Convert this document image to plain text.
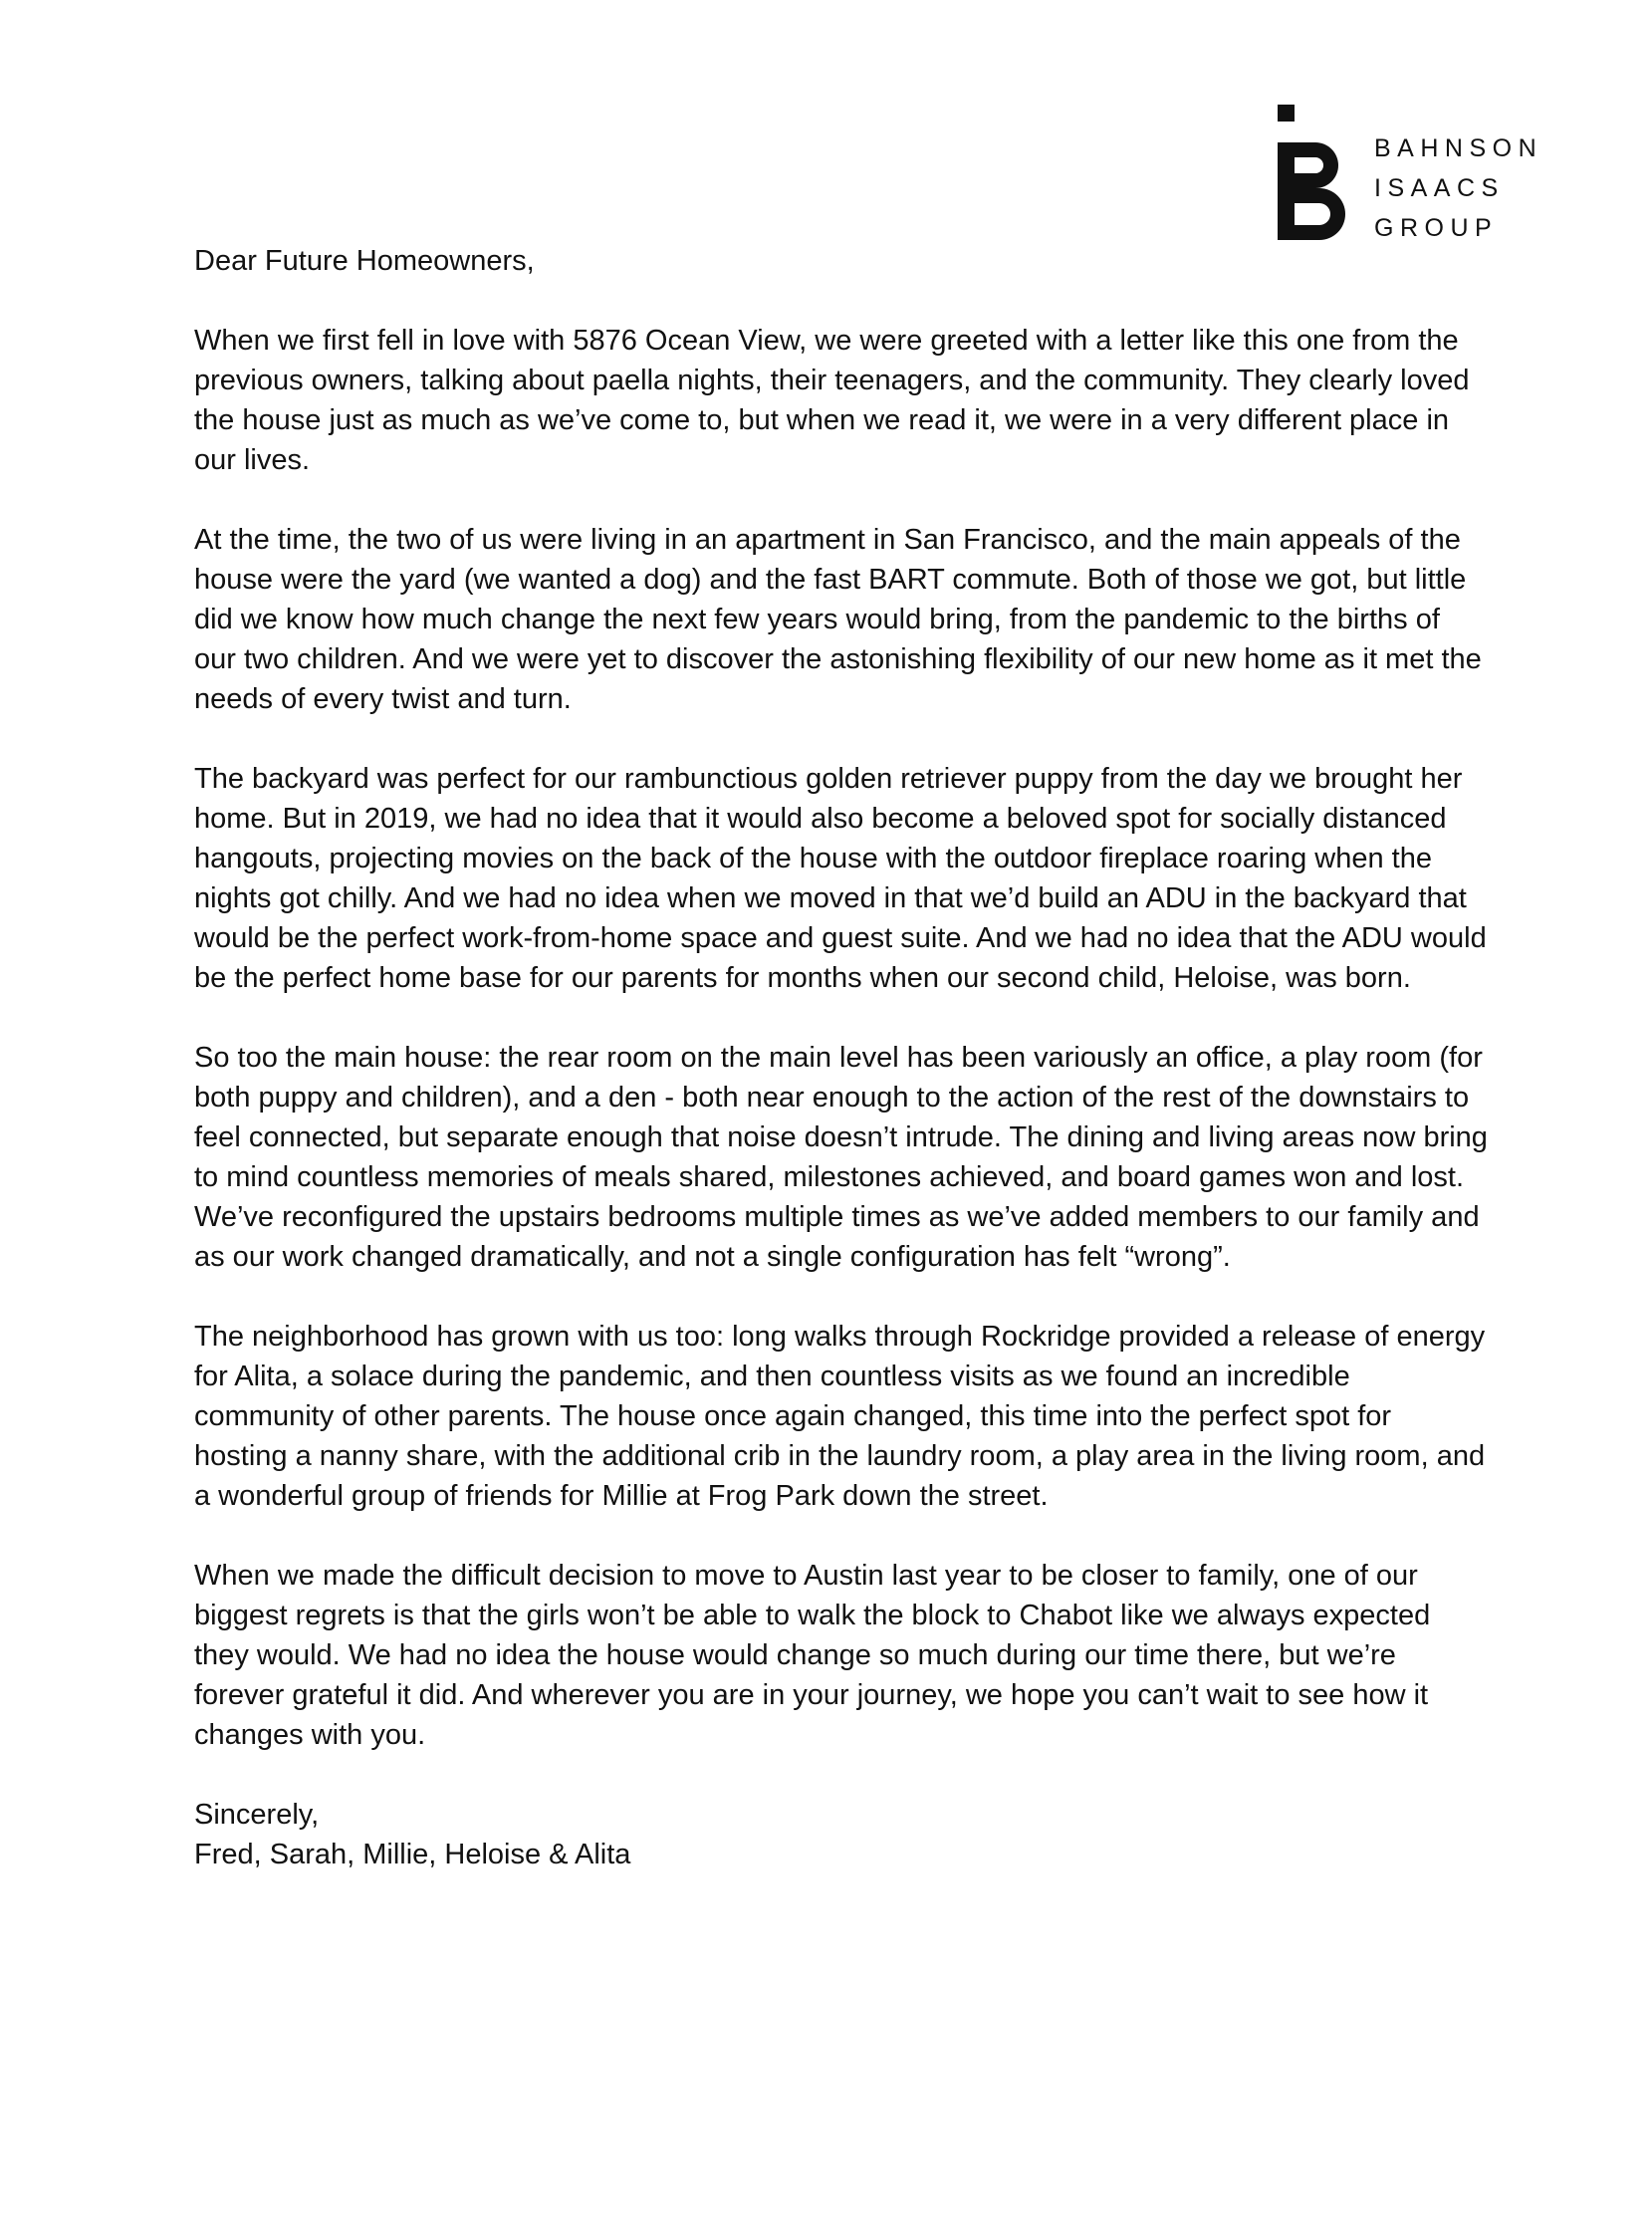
BAHNSON
ISAACS
GROUP

Dear Future Homeowners,

When we first fell in love with 5876 Ocean View, we were greeted with a letter like this one from the previous owners, talking about paella nights, their teenagers, and the community. They clearly loved the house just as much as we’ve come to, but when we read it, we were in a very different place in our lives.

At the time, the two of us were living in an apartment in San Francisco, and the main appeals of the house were the yard (we wanted a dog) and the fast BART commute. Both of those we got, but little did we know how much change the next few years would bring, from the pandemic to the births of our two children. And we were yet to discover the astonishing flexibility of our new home as it met the needs of every twist and turn.

The backyard was perfect for our rambunctious golden retriever puppy from the day we brought her home. But in 2019, we had no idea that it would also become a beloved spot for socially distanced hangouts, projecting movies on the back of the house with the outdoor fireplace roaring when the nights got chilly. And we had no idea when we moved in that we’d build an ADU in the backyard that would be the perfect work-from-home space and guest suite. And we had no idea that the ADU would be the perfect home base for our parents for months when our second child, Heloise, was born.

So too the main house: the rear room on the main level has been variously an office, a play room (for both puppy and children), and a den - both near enough to the action of the rest of the downstairs to feel connected, but separate enough that noise doesn’t intrude. The dining and living areas now bring to mind countless memories of meals shared, milestones achieved, and board games won and lost. We’ve reconfigured the upstairs bedrooms multiple times as we’ve added members to our family and as our work changed dramatically, and not a single configuration has felt “wrong”.

The neighborhood has grown with us too: long walks through Rockridge provided a release of energy for Alita, a solace during the pandemic, and then countless visits as we found an incredible community of other parents. The house once again changed, this time into the perfect spot for hosting a nanny share, with the additional crib in the laundry room, a play area in the living room, and a wonderful group of friends for Millie at Frog Park down the street.

When we made the difficult decision to move to Austin last year to be closer to family, one of our biggest regrets is that the girls won’t be able to walk the block to Chabot like we always expected they would. We had no idea the house would change so much during our time there, but we’re forever grateful it did. And wherever you are in your journey, we hope you can’t wait to see how it changes with you.

Sincerely,

Fred, Sarah, Millie, Heloise & Alita
